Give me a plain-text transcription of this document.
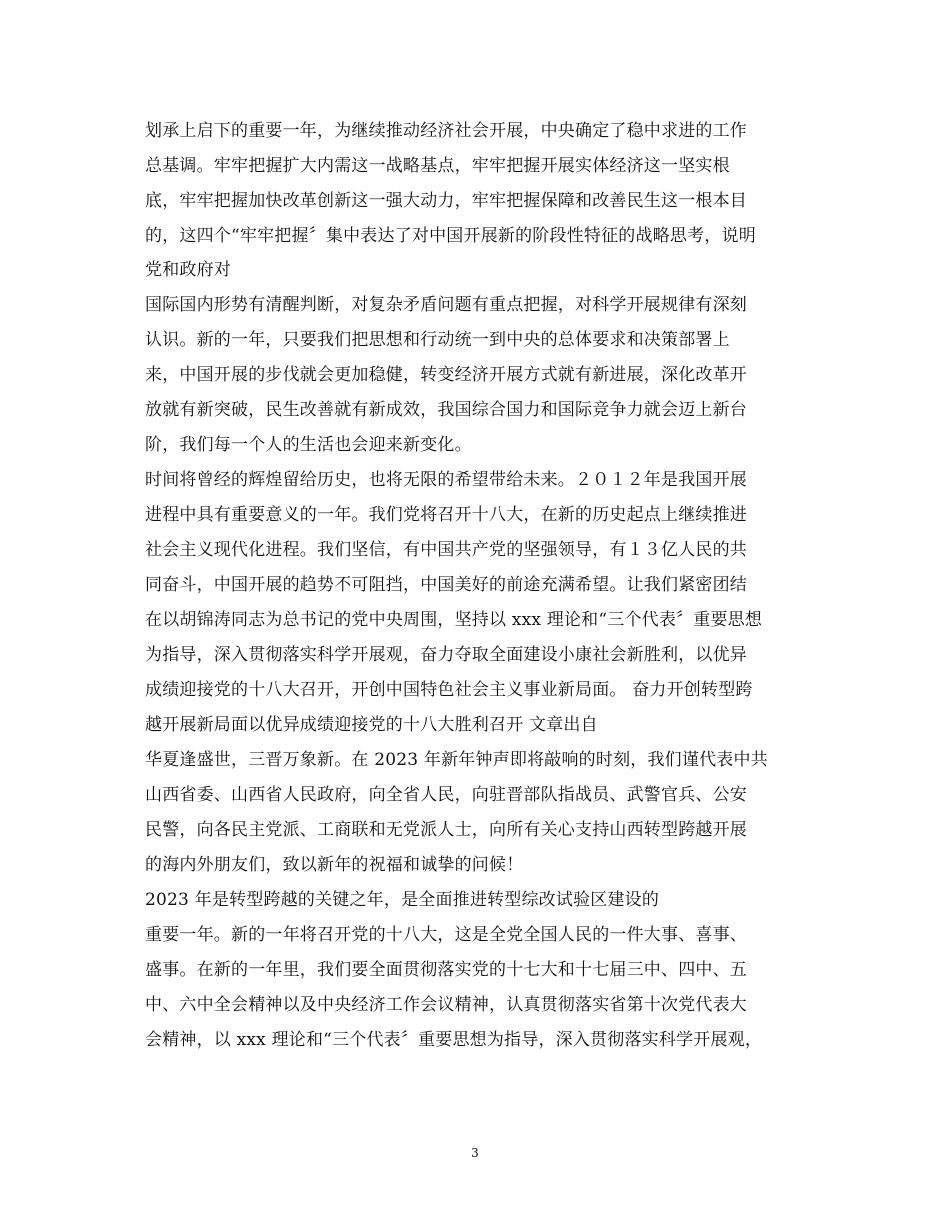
划承上启下的重要一年，为继续推动经济社会开展，中央确定了稳中求进的工作
总基调。牢牢把握扩大内需这一战略基点，牢牢把握开展实体经济这一坚实根
底，牢牢把握加快改革创新这一强大动力，牢牢把握保障和改善民生这一根本目
的，这四个“牢牢把握〞集中表达了对中国开展新的阶段性特征的战略思考，说明
党和政府对
国际国内形势有清醒判断，对复杂矛盾问题有重点把握，对科学开展规律有深刻
认识。新的一年，只要我们把思想和行动统一到中央的总体要求和决策部署上
来，中国开展的步伐就会更加稳健，转变经济开展方式就有新进展，深化改革开
放就有新突破，民生改善就有新成效，我国综合国力和国际竞争力就会迈上新台
阶，我们每一个人的生活也会迎来新变化。
时间将曾经的辉煌留给历史，也将无限的希望带给未来。２０１２年是我国开展
进程中具有重要意义的一年。我们党将召开十八大，在新的历史起点上继续推进
社会主义现代化进程。我们坚信，有中国共产党的坚强领导，有１３亿人民的共
同奋斗，中国开展的趋势不可阻挡，中国美好的前途充满希望。让我们紧密团结
在以胡锦涛同志为总书记的党中央周围，坚持以 xxx 理论和“三个代表〞重要思想
为指导，深入贯彻落实科学开展观，奋力夺取全面建设小康社会新胜利，以优异
成绩迎接党的十八大召开，开创中国特色社会主义事业新局面。 奋力开创转型跨
越开展新局面以优异成绩迎接党的十八大胜利召开 文章出自
华夏逢盛世，三晋万象新。在 2023 年新年钟声即将敲响的时刻，我们谨代表中共
山西省委、山西省人民政府，向全省人民，向驻晋部队指战员、武警官兵、公安
民警，向各民主党派、工商联和无党派人士，向所有关心支持山西转型跨越开展
的海内外朋友们，致以新年的祝福和诚挚的问候！
2023 年是转型跨越的关键之年，是全面推进转型综改试验区建设的
重要一年。新的一年将召开党的十八大，这是全党全国人民的一件大事、喜事、
盛事。在新的一年里，我们要全面贯彻落实党的十七大和十七届三中、四中、五
中、六中全会精神以及中央经济工作会议精神，认真贯彻落实省第十次党代表大
会精神，以 xxx 理论和“三个代表〞重要思想为指导，深入贯彻落实科学开展观，
3
